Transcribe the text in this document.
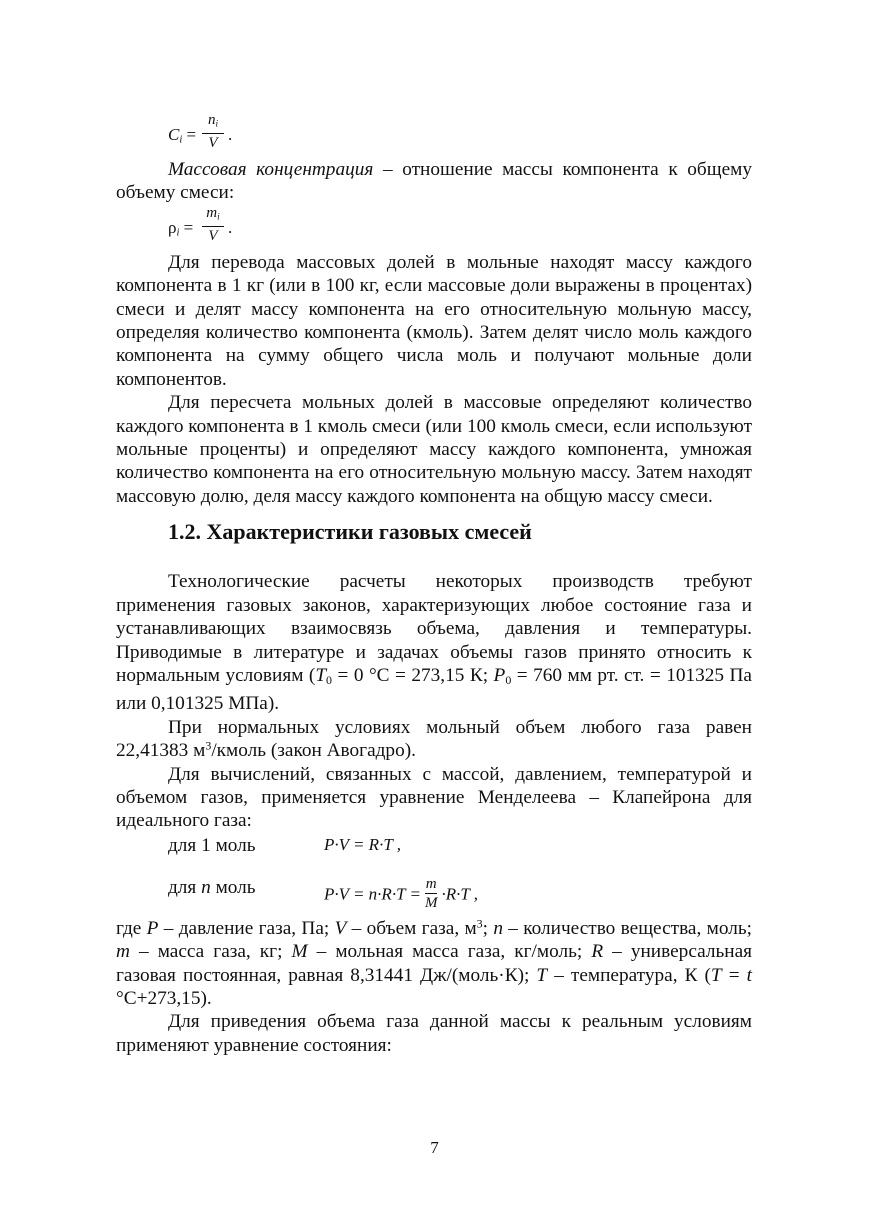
$C_i = \frac{n_i}{V}$ .

Массовая концентрация – отношение массы компонента к общему объему смеси:

$\rho_i = \frac{m_i}{V}$ .

Для перевода массовых долей в мольные находят массу каждого компонента в 1 кг (или в 100 кг, если массовые доли выражены в процентах) смеси и делят массу компонента на его относительную мольную массу, определяя количество компонента (кмоль). Затем делят число моль каждого компонента на сумму общего числа моль и получают мольные доли компонентов.

Для пересчета мольных долей в массовые определяют количество каждого компонента в 1 кмоль смеси (или 100 кмоль смеси, если используют мольные проценты) и определяют массу каждого компонента, умножая количество компонента на его относительную мольную массу. Затем находят массовую долю, деля массу каждого компонента на общую массу смеси.

1.2. Характеристики газовых смесей

Технологические расчеты некоторых производств требуют применения газовых законов, характеризующих любое состояние газа и устанавливающих взаимосвязь объема, давления и температуры. Приводимые в литературе и задачах объемы газов принято относить к нормальным условиям ($T_0 = 0$ °C = 273,15 К; $P_0 = 760$ мм рт. ст. = 101325 Па или 0,101325 МПа).

При нормальных условиях мольный объем любого газа равен 22,41383 $м^3$/кмоль (закон Авогадро).

Для вычислений, связанных с массой, давлением, температурой и объемом газов, применяется уравнение Менделеева – Клапейрона для идеального газа:

для 1 моль	P·V = R·T ,
для n моль	$P\cdot V = n\cdot R\cdot T = \frac{m}{M} \cdot R\cdot T$ ,

где P – давление газа, Па; V – объем газа, $м^3$; n – количество вещества, моль; m – масса газа, кг; M – мольная масса газа, кг/моль; R – универсальная газовая постоянная, равная 8,31441 Дж/(моль·К); T – температура, К (T = t °С+273,15).

Для приведения объема газа данной массы к реальным условиям применяют уравнение состояния:

7
